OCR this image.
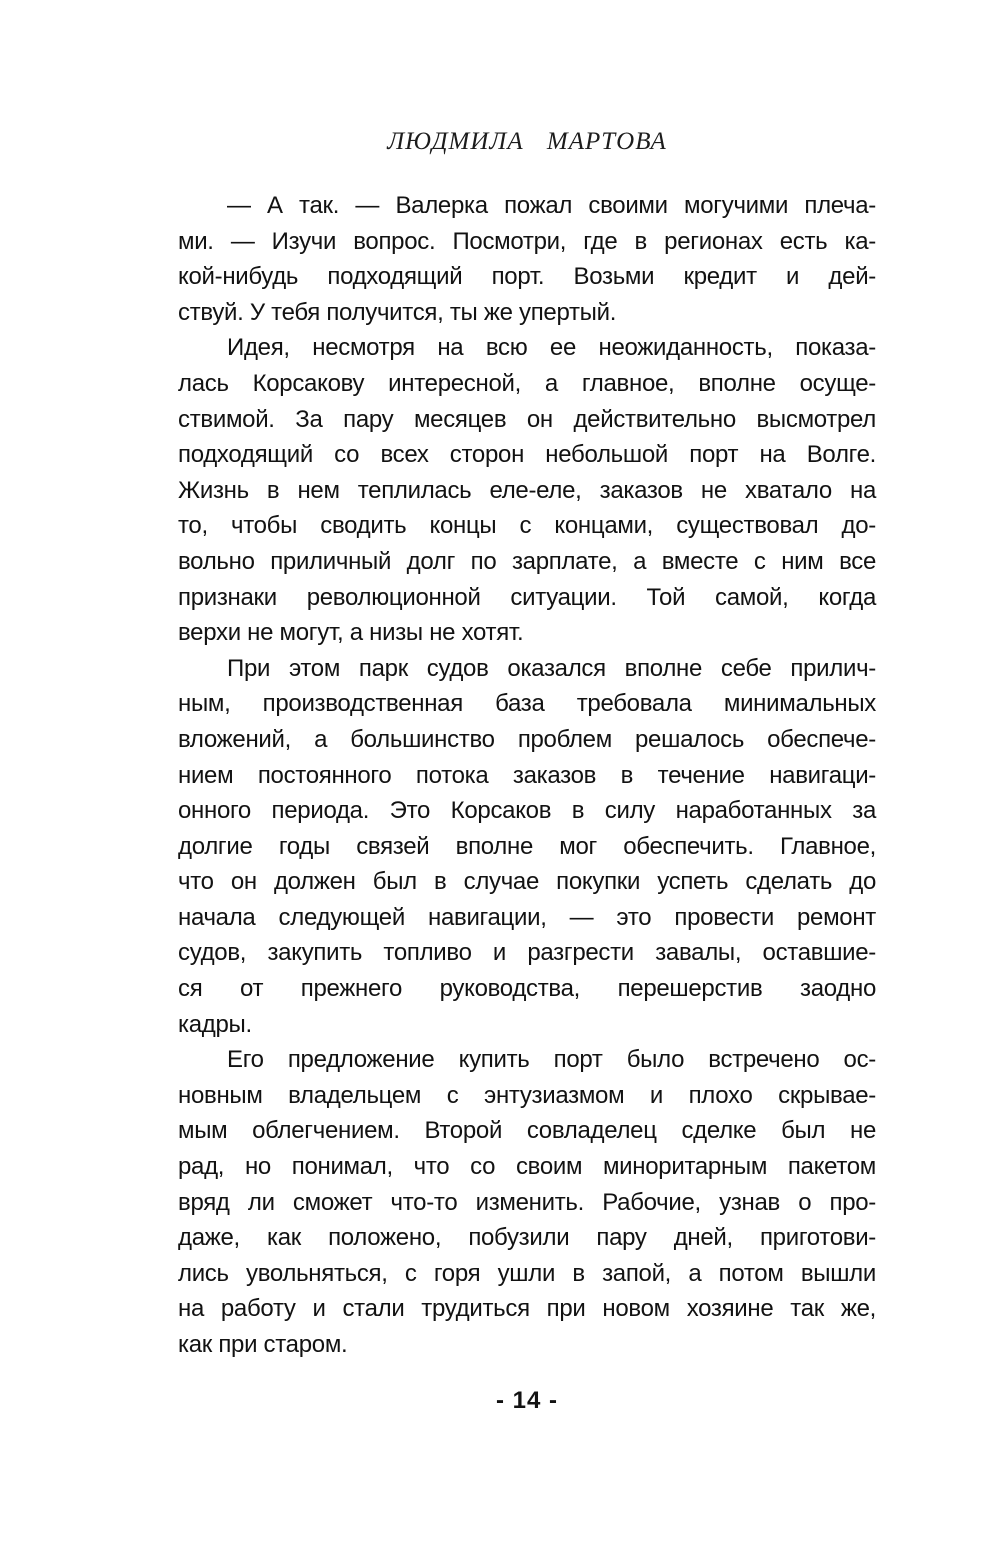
ЛЮДМИЛА МАРТОВА
— А так. — Валерка пожал своими могучими плеча-
ми. — Изучи вопрос. Посмотри, где в регионах есть ка-
кой-нибудь подходящий порт. Возьми кредит и дей-
ствуй. У тебя получится, ты же упертый.
Идея, несмотря на всю ее неожиданность, показа-
лась Корсакову интересной, а главное, вполне осуще-
ствимой. За пару месяцев он действительно высмотрел
подходящий со всех сторон небольшой порт на Волге.
Жизнь в нем теплилась еле-еле, заказов не хватало на
то, чтобы сводить концы с концами, существовал до-
вольно приличный долг по зарплате, а вместе с ним все
признаки революционной ситуации. Той самой, когда
верхи не могут, а низы не хотят.
При этом парк судов оказался вполне себе прилич-
ным, производственная база требовала минимальных
вложений, а большинство проблем решалось обеспече-
нием постоянного потока заказов в течение навигаци-
онного периода. Это Корсаков в силу наработанных за
долгие годы связей вполне мог обеспечить. Главное,
что он должен был в случае покупки успеть сделать до
начала следующей навигации, — это провести ремонт
судов, закупить топливо и разгрести завалы, оставшие-
ся от прежнего руководства, перешерстив заодно
кадры.
Его предложение купить порт было встречено ос-
новным владельцем с энтузиазмом и плохо скрывае-
мым облегчением. Второй совладелец сделке был не
рад, но понимал, что со своим миноритарным пакетом
вряд ли сможет что-то изменить. Рабочие, узнав о про-
даже, как положено, побузили пару дней, приготови-
лись увольняться, с горя ушли в запой, а потом вышли
на работу и стали трудиться при новом хозяине так же,
как при старом.
- 14 -
